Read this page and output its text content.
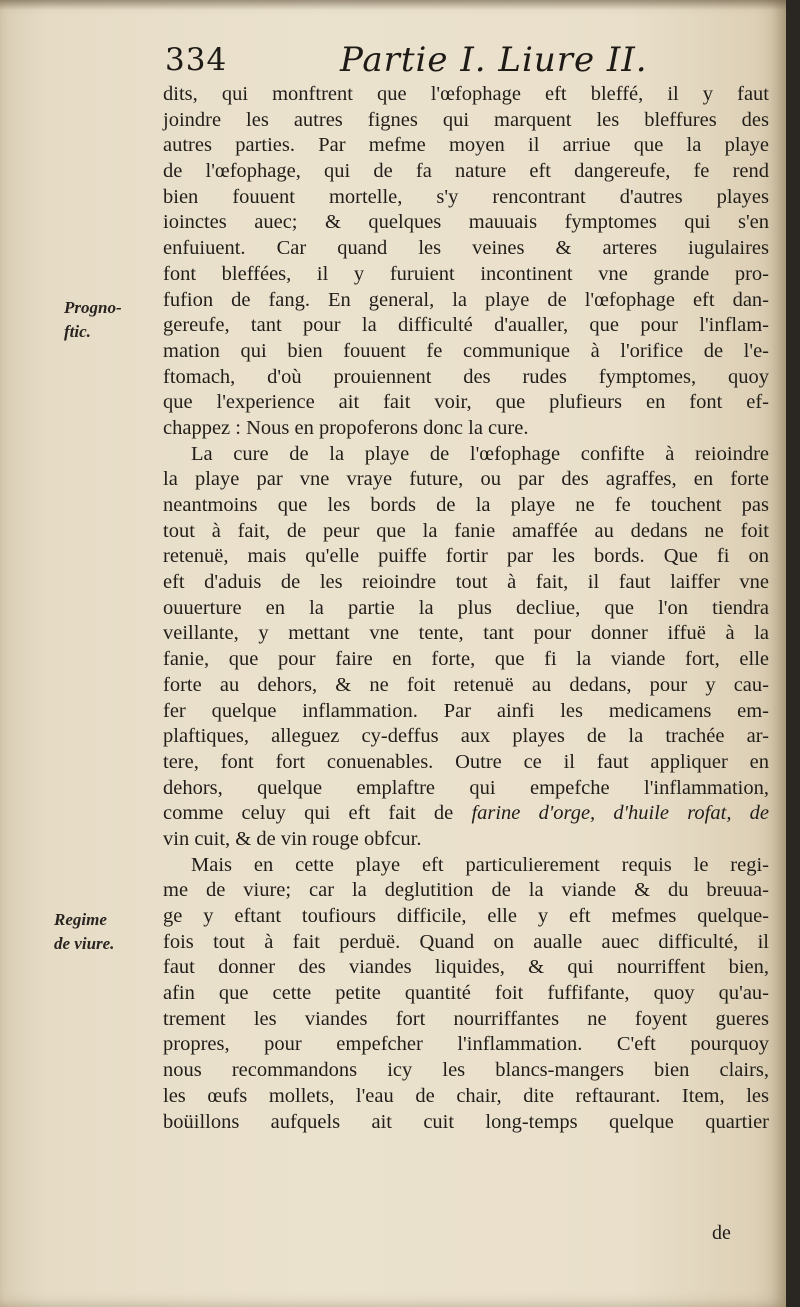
334	Partie I. Liure II.
Progno-
ftic.
Regime
de viure.
dits, qui monftrent que l'œfophage eft bleffé, il y faut
joindre les autres fignes qui marquent les bleffures des
autres parties. Par mefme moyen il arriue que la playe
de l'œfophage, qui de fa nature eft dangereufe, fe rend
bien fouuent mortelle, s'y rencontrant d'autres playes
ioinctes auec; & quelques mauuais fymptomes qui s'en
enfuiuent. Car quand les veines & arteres iugulaires
font bleffées, il y furuient incontinent vne grande pro-
fufion de fang. En general, la playe de l'œfophage eft dan-
gereufe, tant pour la difficulté d'aualler, que pour l'inflam-
mation qui bien fouuent fe communique à l'orifice de l'e-
ftomach, d'où prouiennent des rudes fymptomes, quoy
que l'experience ait fait voir, que plufieurs en font ef-
chappez : Nous en propoferons donc la cure.
La cure de la playe de l'œfophage confifte à reioindre
la playe par vne vraye future, ou par des agraffes, en forte
neantmoins que les bords de la playe ne fe touchent pas
tout à fait, de peur que la fanie amaffée au dedans ne foit
retenuë, mais qu'elle puiffe fortir par les bords. Que fi on
eft d'aduis de les reioindre tout à fait, il faut laiffer vne
ouuerture en la partie la plus decliue, que l'on tiendra
veillante, y mettant vne tente, tant pour donner iffuë à la
fanie, que pour faire en forte, que fi la viande fort, elle
forte au dehors, & ne foit retenuë au dedans, pour y cau-
fer quelque inflammation. Par ainfi les medicamens em-
plaftiques, alleguez cy-deffus aux playes de la trachée ar-
tere, font fort conuenables. Outre ce il faut appliquer en
dehors, quelque emplaftre qui empefche l'inflammation,
comme celuy qui eft fait de farine d'orge, d'huile rofat, de
vin cuit, & de vin rouge obfcur.
Mais en cette playe eft particulierement requis le regi-
me de viure; car la deglutition de la viande & du breuua-
ge y eftant toufiours difficile, elle y eft mefmes quelque-
fois tout à fait perduë. Quand on aualle auec difficulté, il
faut donner des viandes liquides, & qui nourriffent bien,
afin que cette petite quantité foit fuffifante, quoy qu'au-
trement les viandes fort nourriffantes ne foyent gueres
propres, pour empefcher l'inflammation. C'eft pourquoy
nous recommandons icy les blancs-mangers bien clairs,
les œufs mollets, l'eau de chair, dite reftaurant. Item, les
boüillons aufquels ait cuit long-temps quelque quartier
de
